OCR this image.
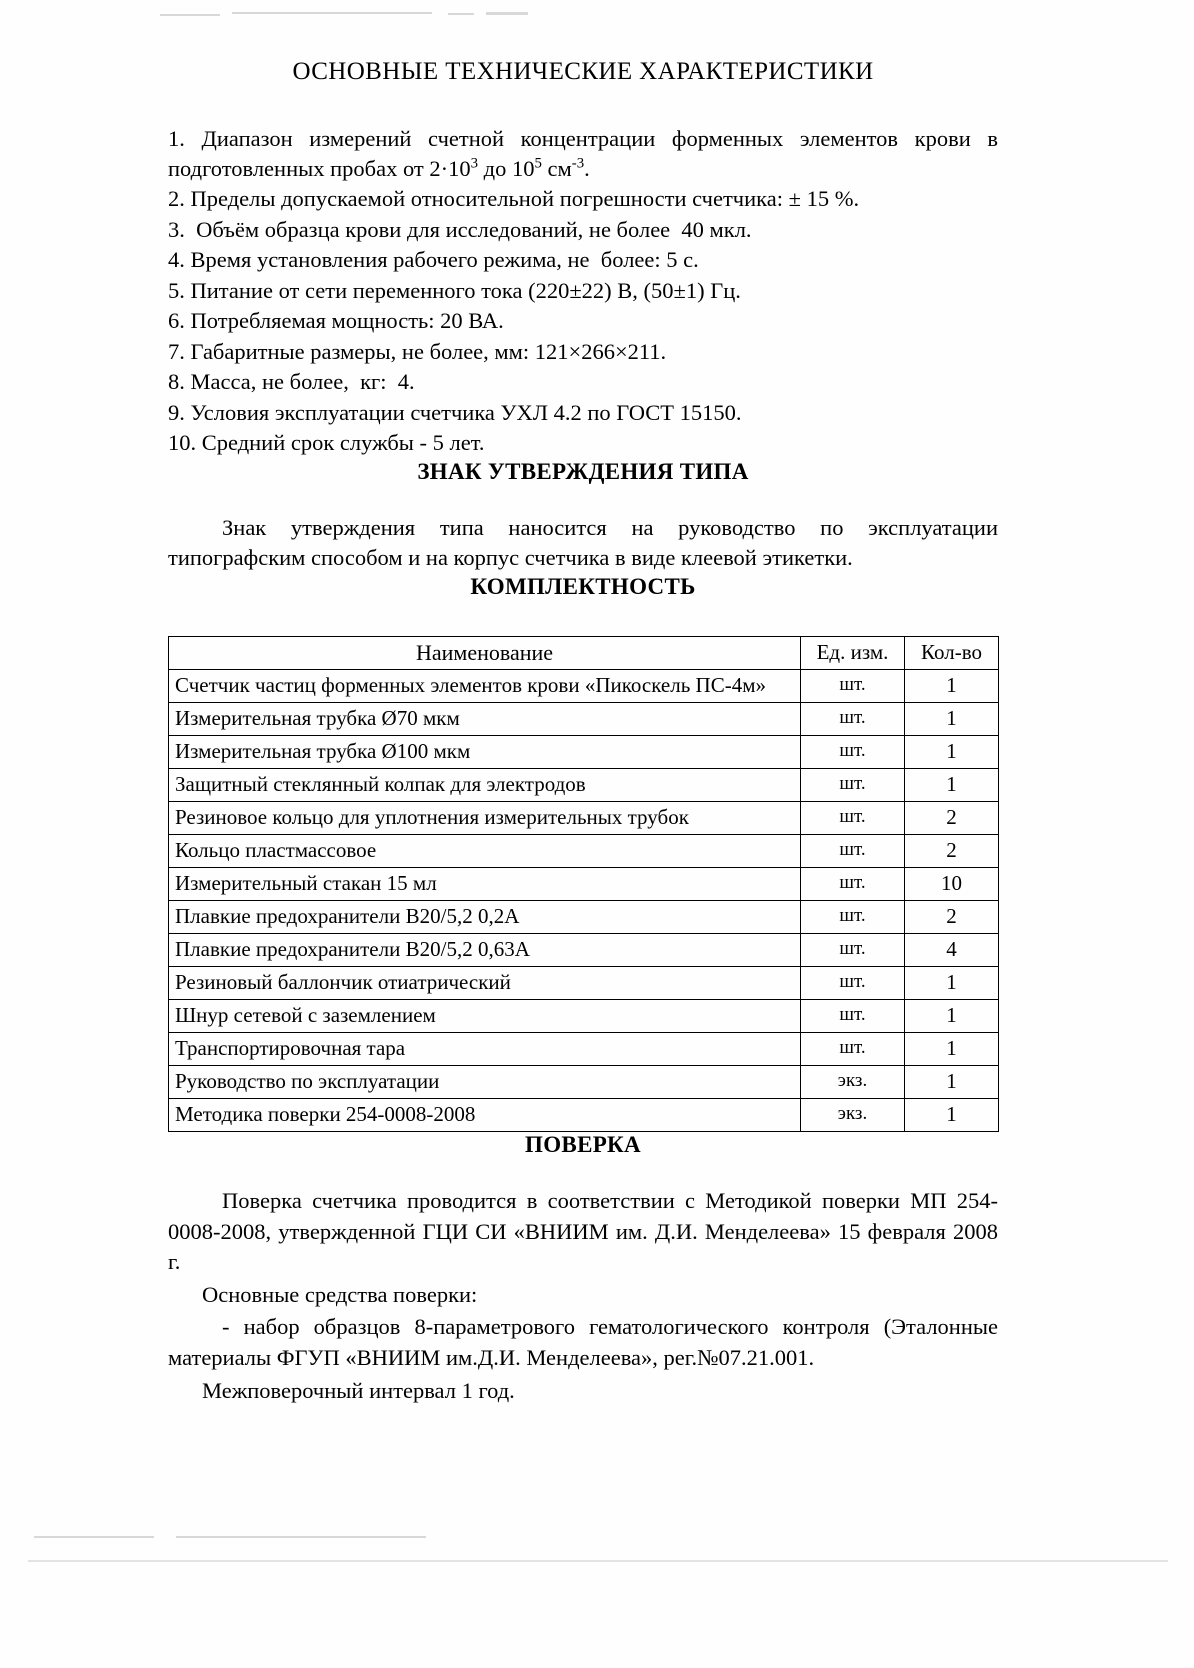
ОСНОВНЫЕ ТЕХНИЧЕСКИЕ ХАРАКТЕРИСТИКИ
1. Диапазон измерений счетной концентрации форменных элементов крови в подготовленных пробах от $2\cdot 10^3$ до $10^5$ $см^{-3}$.
2. Пределы допускаемой относительной погрешности счетчика: ± 15 %.
3.  Объём образца крови для исследований, не более  40 мкл.
4. Время установления рабочего режима, не  более: 5 с.
5. Питание от сети переменного тока (220±22) В, (50±1) Гц.
6. Потребляемая мощность: 20 ВА.
7. Габаритные размеры, не более, мм: 121×266×211.
8. Масса, не более,  кг:  4.
9. Условия эксплуатации счетчика УХЛ 4.2 по ГОСТ 15150.
10. Средний срок службы - 5 лет.
ЗНАК УТВЕРЖДЕНИЯ ТИПА

Знак утверждения типа наносится на руководство по эксплуатации типографским способом и на корпус счетчика в виде клеевой этикетки.

КОМПЛЕКТНОСТЬ
Наименование	Ед. изм.	Кол-во
Счетчик частиц форменных элементов крови «Пикоскель ПС-4м»	шт.	1
Измерительная трубка Ø70 мкм	шт.	1
Измерительная трубка Ø100 мкм	шт.	1
Защитный стеклянный колпак для электродов	шт.	1
Резиновое кольцо для уплотнения измерительных трубок	шт.	2
Кольцо пластмассовое	шт.	2
Измерительный стакан 15 мл	шт.	10
Плавкие предохранители В20/5,2 0,2А	шт.	2
Плавкие предохранители В20/5,2 0,63А	шт.	4
Резиновый баллончик отиатрический	шт.	1
Шнур сетевой с заземлением	шт.	1
Транспортировочная тара	шт.	1
Руководство по эксплуатации	экз.	1
Методика поверки 254-0008-2008	экз.	1
ПОВЕРКА

Поверка счетчика проводится в соответствии с Методикой поверки МП 254-0008-2008, утвержденной ГЦИ СИ «ВНИИМ им. Д.И. Менделеева» 15 февраля 2008 г.

Основные средства поверки:

- набор образцов 8-параметрового гематологического контроля (Эталонные материалы ФГУП «ВНИИМ им.Д.И. Менделеева», рег.№07.21.001.

Межповерочный интервал 1 год.
